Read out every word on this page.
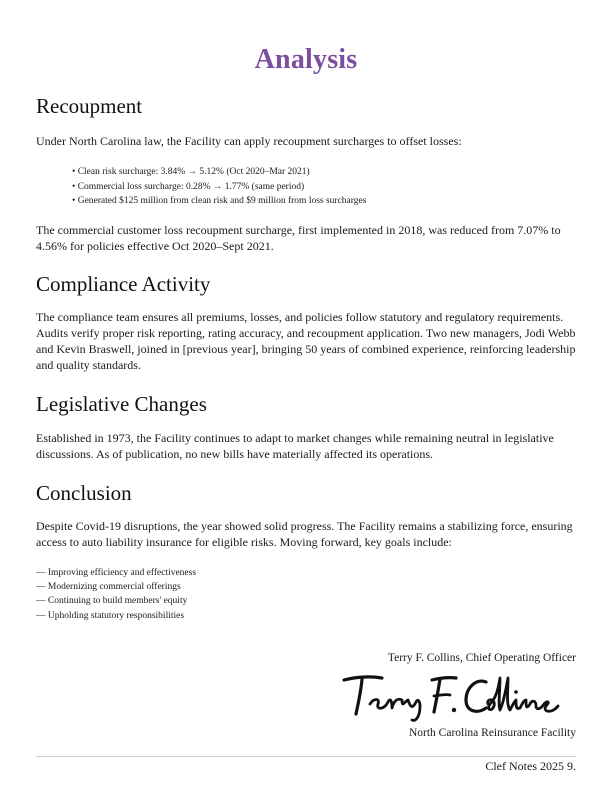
Analysis
Recoupment

Under North Carolina law, the Facility can apply recoupment surcharges to offset losses:

• Clean risk surcharge: 3.84% → 5.12% (Oct 2020–Mar 2021)
• Commercial loss surcharge: 0.28% → 1.77% (same period)
• Generated $125 million from clean risk and $9 million from loss surcharges

The commercial customer loss recoupment surcharge, first implemented in 2018, was reduced from 7.07% to 4.56% for policies effective Oct 2020–Sept 2021.

Compliance Activity

The compliance team ensures all premiums, losses, and policies follow statutory and regulatory requirements. Audits verify proper risk reporting, rating accuracy, and recoupment application. Two new managers, Jodi Webb and Kevin Braswell, joined in [previous year], bringing 50 years of combined experience, reinforcing leadership and quality standards.

Legislative Changes

Established in 1973, the Facility continues to adapt to market changes while remaining neutral in legislative discussions. As of publication, no new bills have materially affected its operations.

Conclusion

Despite Covid-19 disruptions, the year showed solid progress. The Facility remains a stabilizing force, ensuring access to auto liability insurance for eligible risks. Moving forward, key goals include:

— Improving efficiency and effectiveness
— Modernizing commercial offerings
— Continuing to build members' equity
— Upholding statutory responsibilities
Terry F. Collins, Chief Operating Officer
North Carolina Reinsurance Facility
Clef Notes 2025 9.
